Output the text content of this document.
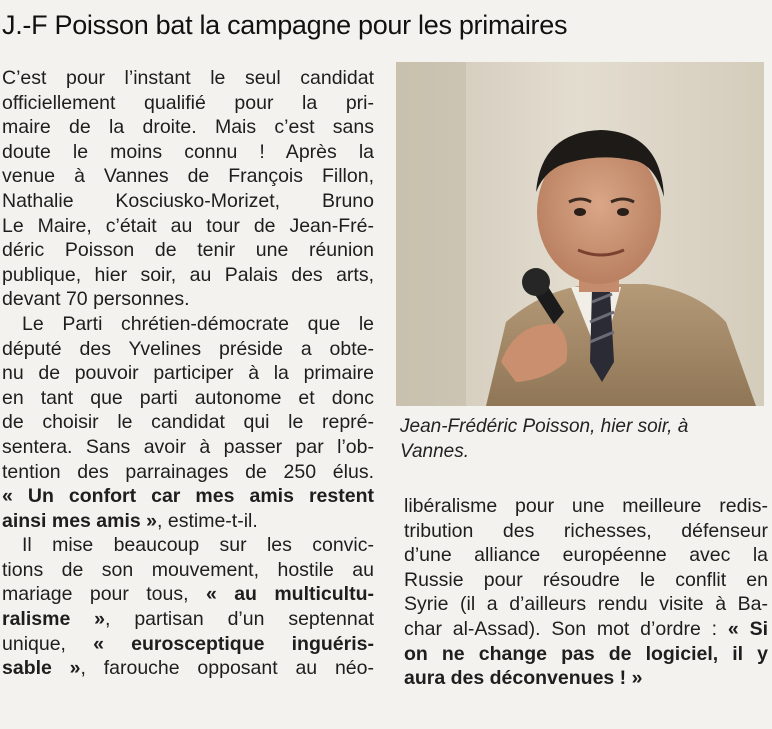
J.-F Poisson bat la campagne pour les primaires
C’est pour l’instant le seul candidat
officiellement qualifié pour la pri-
maire de la droite. Mais c’est sans
doute le moins connu ! Après la
venue à Vannes de François Fillon,
Nathalie Kosciusko-Morizet, Bruno
Le Maire, c’était au tour de Jean-Fré-
déric Poisson de tenir une réunion
publique, hier soir, au Palais des arts,
devant 70 personnes.
Le Parti chrétien-démocrate que le
député des Yvelines préside a obte-
nu de pouvoir participer à la primaire
en tant que parti autonome et donc
de choisir le candidat qui le repré-
sentera. Sans avoir à passer par l’ob-
tention des parrainages de 250 élus.
« Un confort car mes amis restent
ainsi mes amis », estime-t-il.
Il mise beaucoup sur les convic-
tions de son mouvement, hostile au
mariage pour tous, « au multicultu-
ralisme », partisan d’un septennat
unique, « eurosceptique inguéris-
sable », farouche opposant au néo-
Jean-Frédéric Poisson, hier soir, à
Vannes.
libéralisme pour une meilleure redis-
tribution des richesses, défenseur
d’une alliance européenne avec la
Russie pour résoudre le conflit en
Syrie (il a d’ailleurs rendu visite à Ba-
char al-Assad). Son mot d’ordre : « Si
on ne change pas de logiciel, il y
aura des déconvenues ! »
